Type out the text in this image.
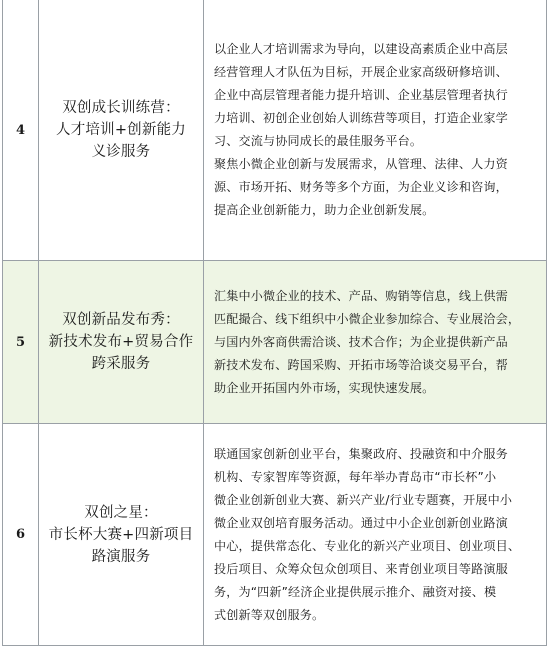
4
双创成长训练营：
人才培训+创新能力
义诊服务
以企业人才培训需求为导向，以建设高素质企业中高层
经营管理人才队伍为目标，开展企业家高级研修培训、
企业中高层管理者能力提升培训、企业基层管理者执行
力培训、初创企业创始人训练营等项目，打造企业家学
习、交流与协同成长的最佳服务平台。
聚焦小微企业创新与发展需求，从管理、法律、人力资
源、市场开拓、财务等多个方面，为企业义诊和咨询，
提高企业创新能力，助力企业创新发展。
5
双创新品发布秀：
新技术发布+贸易合作
跨采服务
汇集中小微企业的技术、产品、购销等信息，线上供需
匹配撮合、线下组织中小微企业参加综合、专业展洽会，
与国内外客商供需洽谈、技术合作；为企业提供新产品
新技术发布、跨国采购、开拓市场等洽谈交易平台，帮
助企业开拓国内外市场，实现快速发展。
6
双创之星：
市长杯大赛+四新项目
路演服务
联通国家创新创业平台，集聚政府、投融资和中介服务
机构、专家智库等资源，每年举办青岛市“市长杯”小
微企业创新创业大赛、新兴产业/行业专题赛，开展中小
微企业双创培育服务活动。通过中小企业创新创业路演
中心，提供常态化、专业化的新兴产业项目、创业项目、
投后项目、众筹众包众创项目、来青创业项目等路演服
务，为“四新”经济企业提供展示推介、融资对接、模
式创新等双创服务。
